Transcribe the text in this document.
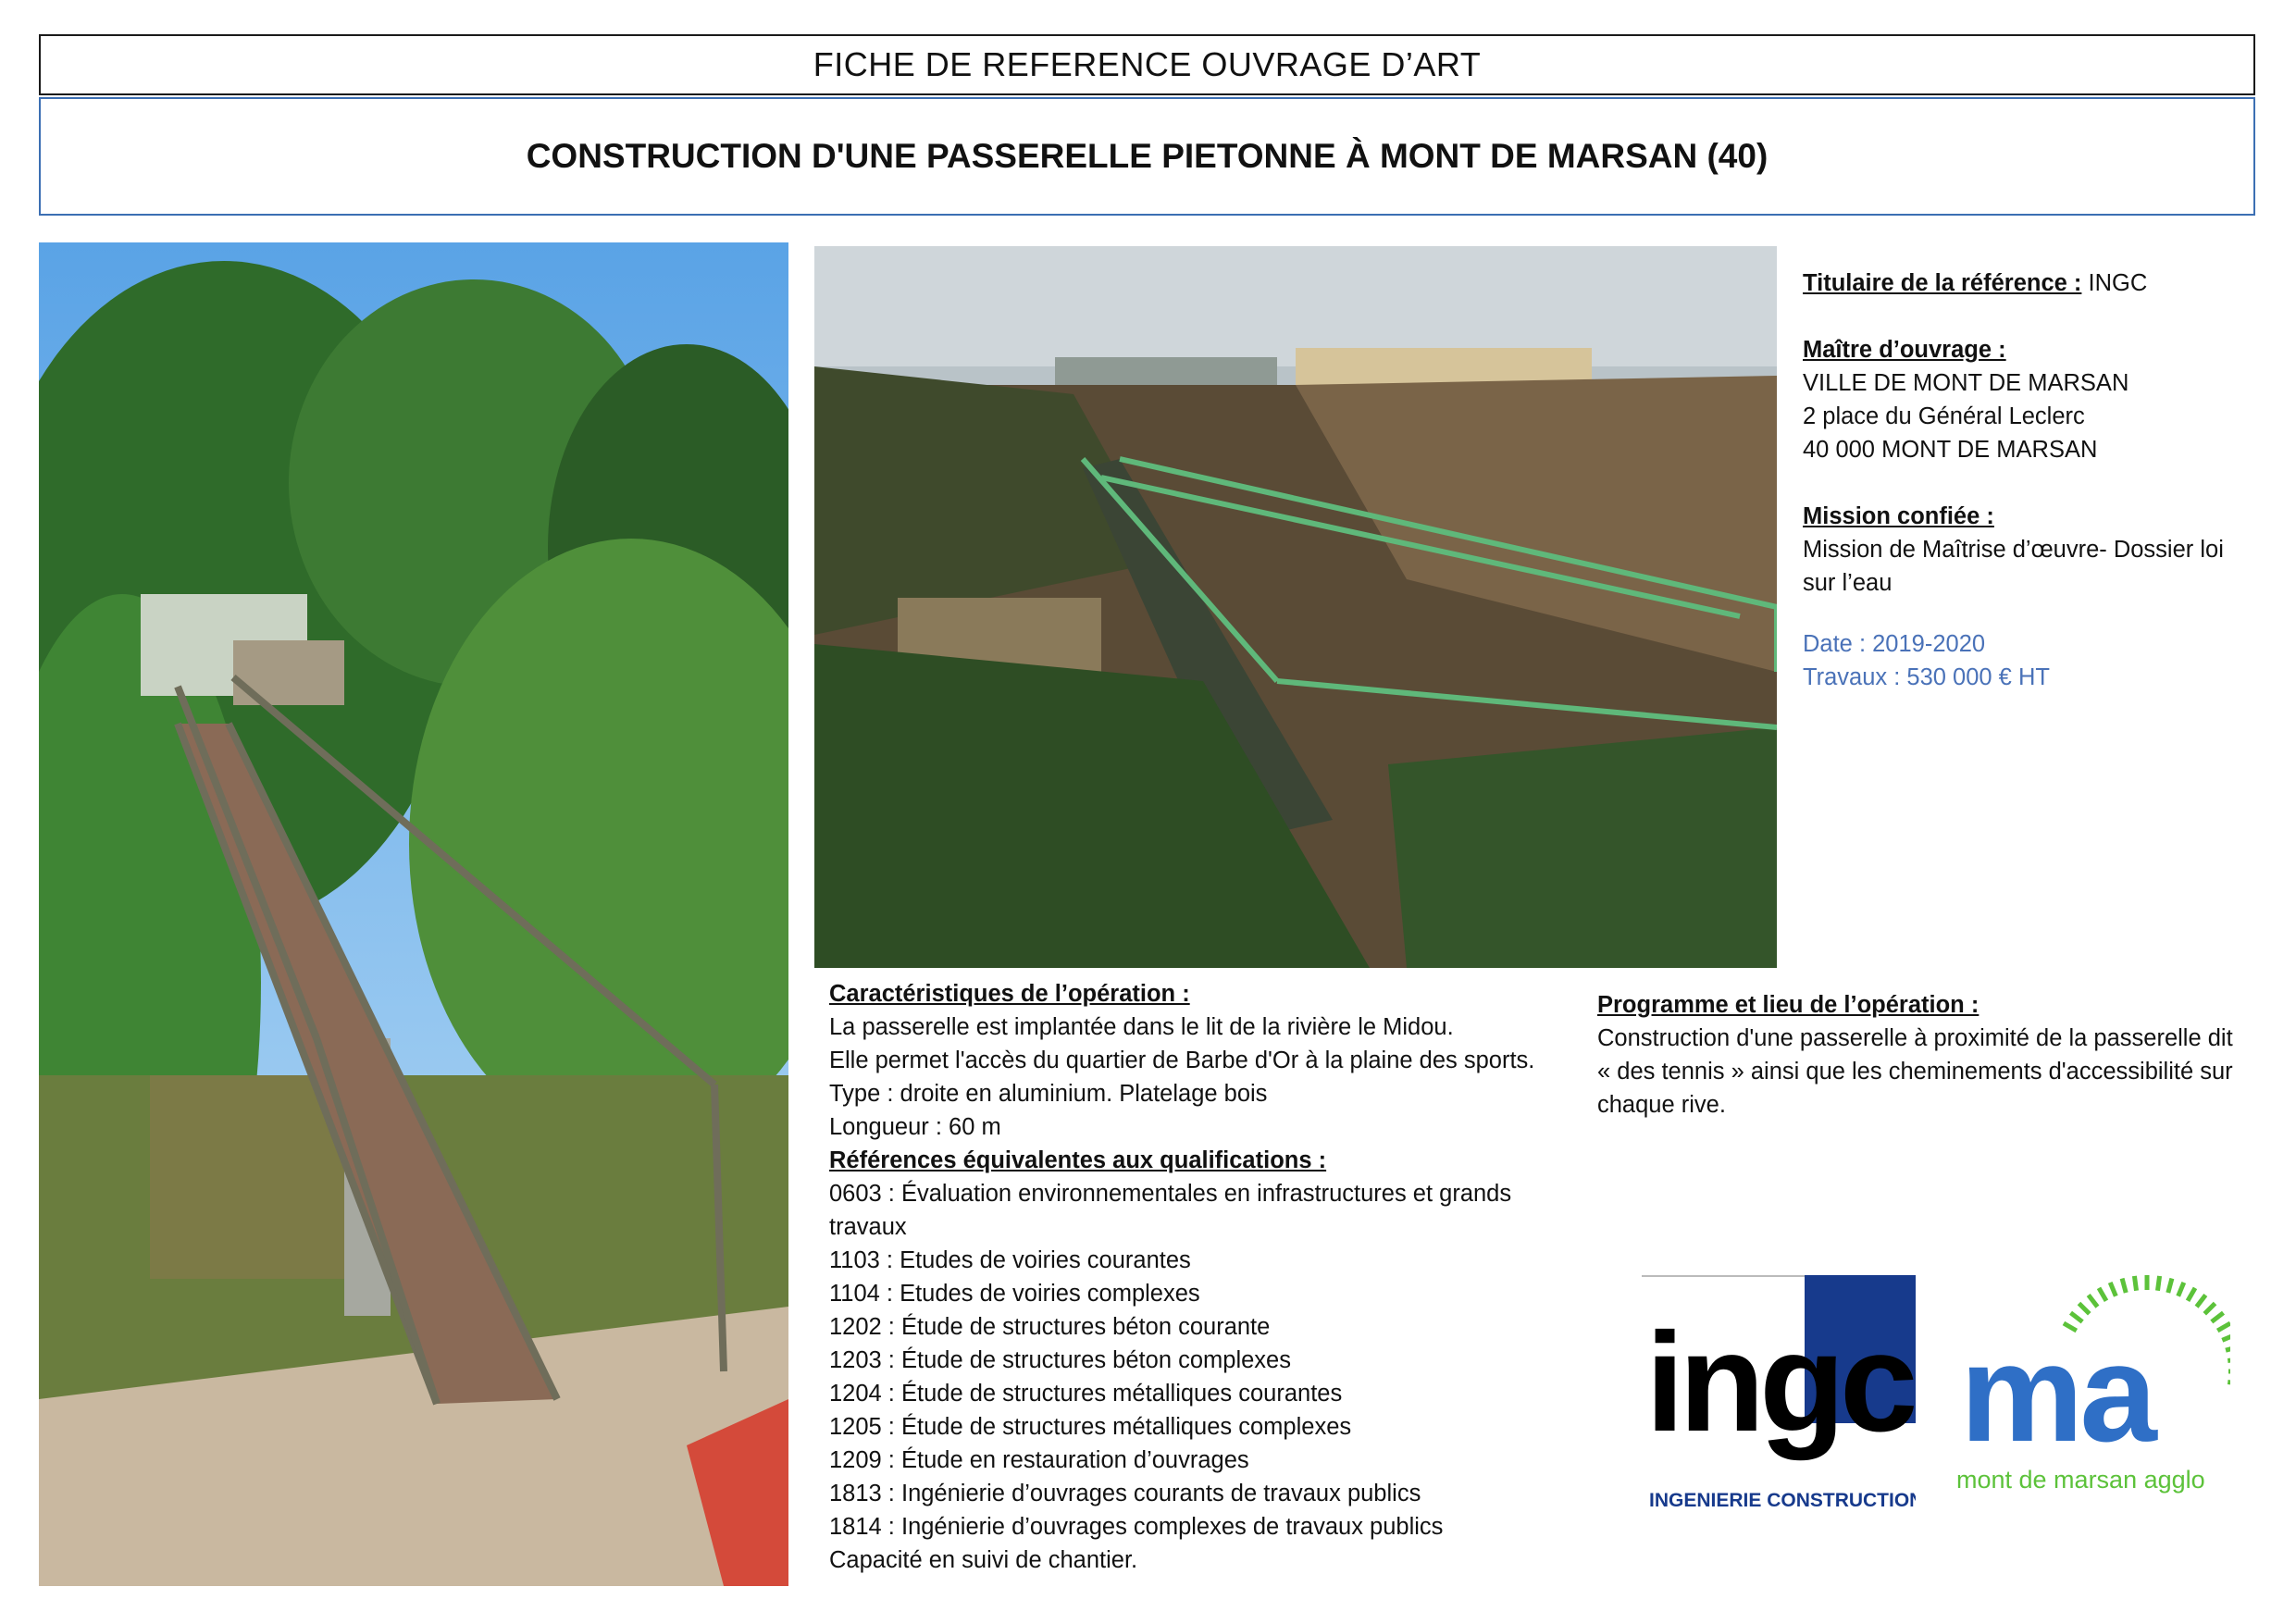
FICHE DE REFERENCE OUVRAGE D’ART
CONSTRUCTION D'UNE PASSERELLE PIETONNE À MONT DE MARSAN (40)
Titulaire de la référence : INGC
Maître d’ouvrage :
VILLE DE MONT DE MARSAN
2 place du Général Leclerc
40 000 MONT DE MARSAN
Mission confiée :
Mission de Maîtrise d’œuvre- Dossier loi
sur l’eau
Date : 2019-2020
Travaux : 530 000 € HT
Caractéristiques de l’opération :
La passerelle est implantée dans le lit de la rivière le Midou.
Elle permet l'accès du quartier de Barbe d'Or à la plaine des sports.
Type : droite en aluminium. Platelage bois
Longueur : 60 m
Références équivalentes aux qualifications :
0603 : Évaluation environnementales en infrastructures et grands
travaux
1103 : Etudes de voiries courantes
1104 : Etudes de voiries complexes
1202 : Étude de structures béton courante
1203 : Étude de structures béton complexes
1204 : Étude de structures métalliques courantes
1205 : Étude de structures métalliques complexes
1209 : Étude en restauration d’ouvrages
1813 : Ingénierie d’ouvrages courants de travaux publics
1814 : Ingénierie d’ouvrages complexes de travaux publics
Capacité en suivi de chantier.
Programme et lieu de l’opération :
Construction d'une passerelle à proximité de la passerelle dit
« des tennis » ainsi que les cheminements d'accessibilité sur
chaque rive.
ingc
INGENIERIE CONSTRUCTION
ma
mont de marsan agglo
